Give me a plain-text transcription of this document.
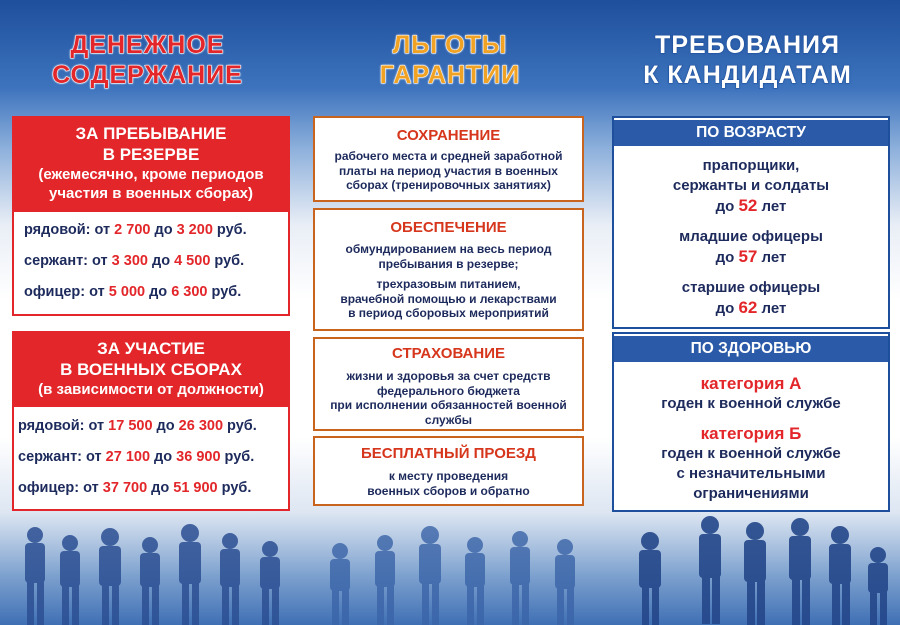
ДЕНЕЖНОЕ
СОДЕРЖАНИЕ
ЛЬГОТЫ
ГАРАНТИИ
ТРЕБОВАНИЯ
К КАНДИДАТАМ
ЗА ПРЕБЫВАНИЕ
В РЕЗЕРВЕ
(ежемесячно, кроме периодов
участия в военных сборах)
рядовой: от 2 700 до 3 200 руб.
сержант: от 3 300 до 4 500 руб.
офицер: от 5 000 до 6 300 руб.
ЗА УЧАСТИЕ
В ВОЕННЫХ СБОРАХ
(в зависимости от должности)
рядовой: от 17 500 до 26 300 руб.
сержант: от 27 100 до 36 900 руб.
офицер: от 37 700 до 51 900 руб.
СОХРАНЕНИЕ
рабочего места и средней заработной
платы на период участия в военных
сборах (тренировочных занятиях)
ОБЕСПЕЧЕНИЕ
обмундированием на весь период
пребывания в резерве;
трехразовым питанием,
врачебной помощью и лекарствами
в период сборовых мероприятий
СТРАХОВАНИЕ
жизни и здоровья за счет средств
федерального бюджета
при исполнении обязанностей военной
службы
БЕСПЛАТНЫЙ ПРОЕЗД
к месту проведения
военных сборов и обратно
ПО ВОЗРАСТУ
прапорщики,
сержанты и солдаты
до 52 лет
младшие офицеры
до 57 лет
старшие офицеры
до 62 лет
ПО ЗДОРОВЬЮ
категория А
годен к военной службе
категория Б
годен к военной службе
с незначительными
ограничениями
